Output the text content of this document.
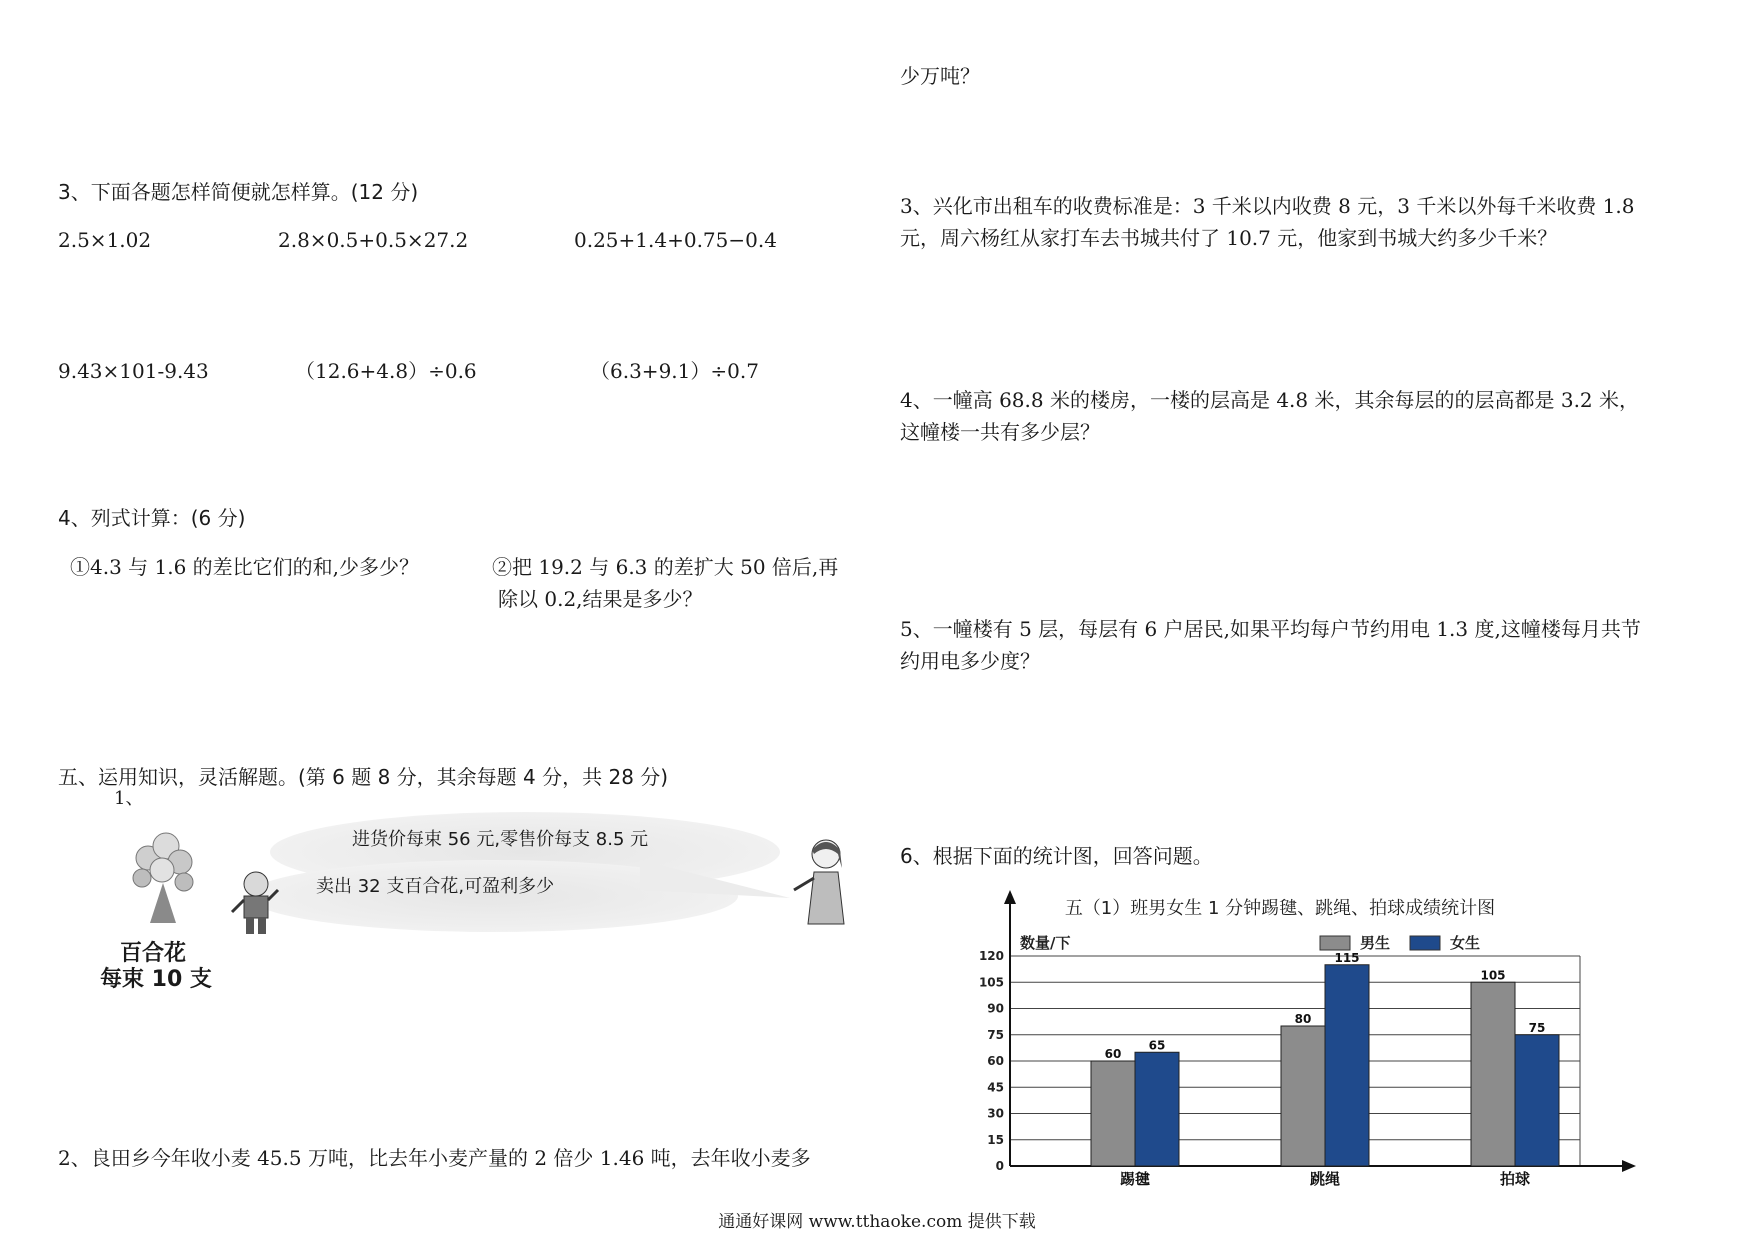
3、下面各题怎样简便就怎样算。(12 分)
2.5×1.02	2.8×0.5+0.5×27.2	0.25+1.4+0.75−0.4
9.43×101-9.43	（12.6+4.8）÷0.6	（6.3+9.1）÷0.7
4、列式计算：(6 分)
①4.3 与 1.6 的差比它们的和,少多少？	②把 19.2 与 6.3 的差扩大 50 倍后,再
除以 0.2,结果是多少？
五、运用知识，灵活解题。(第 6 题 8 分，其余每题 4 分，共 28 分)
1、
进货价每束 56 元,零售价每支 8.5 元
卖出 32 支百合花,可盈利多少
百合花
每束 10 支
2、良田乡今年收小麦 45.5 万吨，比去年小麦产量的 2 倍少 1.46 吨，去年收小麦多
少万吨？
3、兴化市出租车的收费标准是：3 千米以内收费 8 元，3 千米以外每千米收费 1.8
元，周六杨红从家打车去书城共付了 10.7 元，他家到书城大约多少千米？
4、一幢高 68.8 米的楼房，一楼的层高是 4.8 米，其余每层的的层高都是 3.2 米，
这幢楼一共有多少层？
5、一幢楼有 5 层，每层有 6 户居民,如果平均每户节约用电 1.3 度,这幢楼每月共节
约用电多少度？
6、根据下面的统计图，回答问题。
五（1）班男女生 1 分钟踢毽、跳绳、拍球成绩统计图
数量/下	男生	女生
0
15
30
45
60
75
90
105
120
60
65
踢毽
80
115
跳绳
105
75
拍球
通通好课网 www.tthaoke.com 提供下载
